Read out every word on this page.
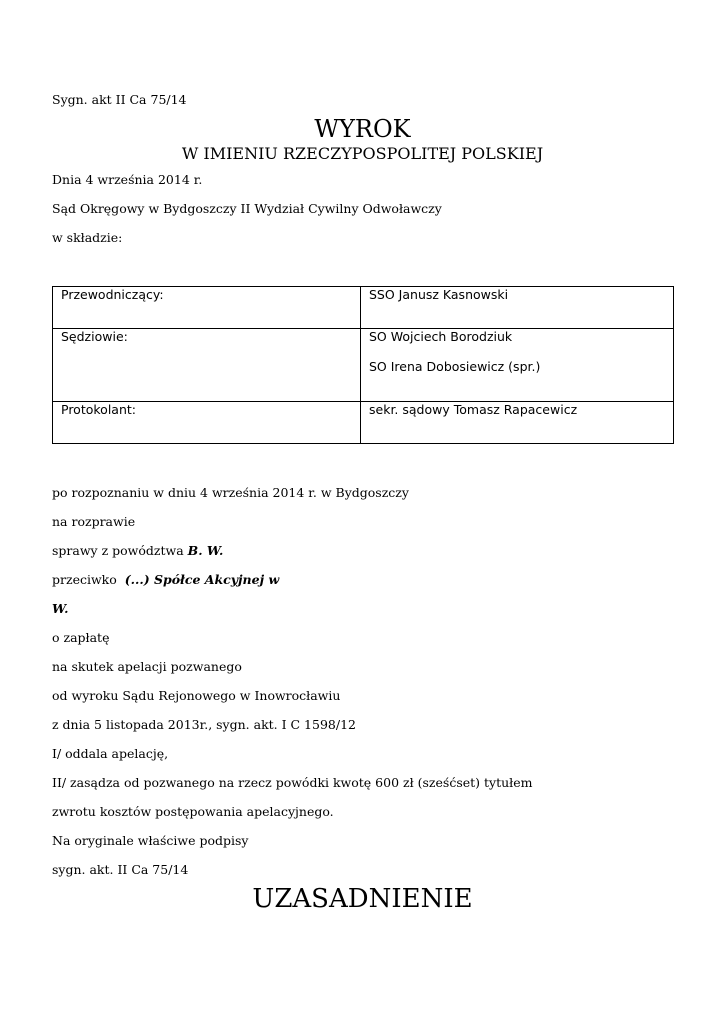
Sygn. akt II Ca 75/14
WYROK
W IMIENIU RZECZYPOSPOLITEJ POLSKIEJ
Dnia 4 września 2014 r.
Sąd Okręgowy w Bydgoszczy II Wydział Cywilny Odwoławczy
w składzie:
Przewodniczący:	SSO Janusz Kasnowski

Sędziowie:	SO Wojciech Borodziuk
SO Irena Dobosiewicz (spr.)

Protokolant:	sekr. sądowy Tomasz Rapacewicz
po rozpoznaniu w dniu 4 września 2014 r. w Bydgoszczy
na rozprawie
sprawy z powództwa B. W.
przeciwko  (...) Spółce Akcyjnej w
W.
o zapłatę
na skutek apelacji pozwanego
od wyroku Sądu Rejonowego w Inowrocławiu
z dnia 5 listopada 2013r., sygn. akt. I C 1598/12
I/ oddala apelację,
II/ zasądza od pozwanego na rzecz powódki kwotę 600 zł (sześćset) tytułem
zwrotu kosztów postępowania apelacyjnego.
Na oryginale właściwe podpisy
sygn. akt. II Ca 75/14
UZASADNIENIE
